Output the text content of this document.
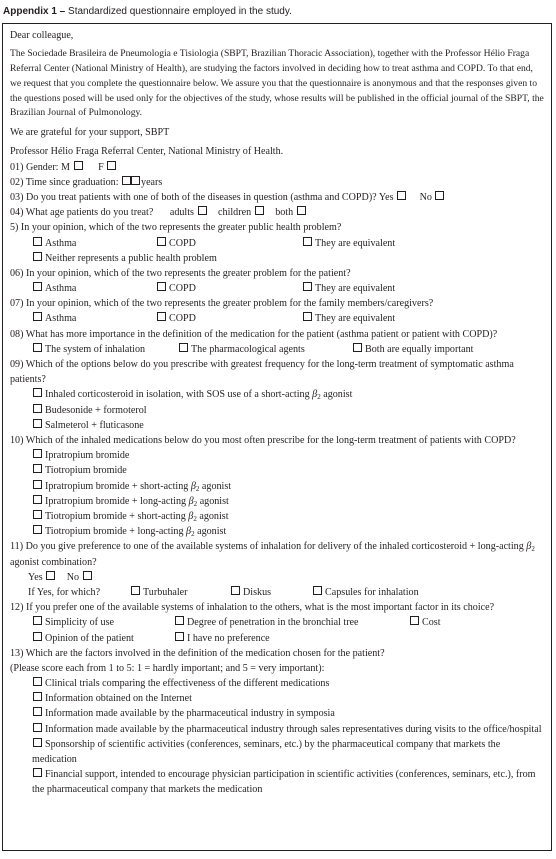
Appendix 1 – Standardized questionnaire employed in the study.

Dear colleague,

The Sociedade Brasileira de Pneumologia e Tisiologia (SBPT, Brazilian Thoracic Association), together with the Professor Hélio Fraga Referral Center (National Ministry of Health), are studying the factors involved in deciding how to treat asthma and COPD. To that end, we request that you complete the questionnaire below. We assure you that the questionnaire is anonymous and that the responses given to the questions posed will be used only for the objectives of the study, whose results will be published in the official journal of the SBPT, the Brazilian Journal of Pulmonology.

We are grateful for your support, SBPT

Professor Hélio Fraga Referral Center, National Ministry of Health.

01) Gender: M	F
02) Time since graduation: years
03) Do you treat patients with one of both of the diseases in question (asthma and COPD)? Yes	No
04) What age patients do you treat? adults children both
5) In your opinion, which of the two represents the greater public health problem?
Asthma	COPD	They are equivalent
Neither represents a public health problem
06) In your opinion, which of the two represents the greater problem for the patient?
Asthma	COPD	They are equivalent
07) In your opinion, which of the two represents the greater problem for the family members/caregivers?
Asthma	COPD	They are equivalent

08) What has more importance in the definition of the medication for the patient (asthma patient or patient with COPD)?

The system of inhalation	The pharmacological agents	Both are equally important

09) Which of the options below do you prescribe with greatest frequency for the long-term treatment of symptomatic asthma patients?

Inhaled corticosteroid in isolation, with SOS use of a short-acting $\beta_2$ agonist
Budesonide + formoterol
Salmeterol + fluticasone

10) Which of the inhaled medications below do you most often prescribe for the long-term treatment of patients with COPD?

Ipratropium bromide
Tiotropium bromide
Ipratropium bromide + short-acting $\beta_2$ agonist
Ipratropium bromide + long-acting $\beta_2$ agonist
Tiotropium bromide + short-acting $\beta_2$ agonist
Tiotropium bromide + long-acting $\beta_2$ agonist

11) Do you give preference to one of the available systems of inhalation for delivery of the inhaled corticosteroid + long-acting $\beta_2$ agonist combination?

Yes No
If Yes, for which?	Turbuhaler	Diskus	Capsules for inhalation

12) If you prefer one of the available systems of inhalation to the others, what is the most important factor in its choice?

Simplicity of use	Degree of penetration in the bronchial tree	Cost
Opinion of the patient	I have no preference
13) Which are the factors involved in the definition of the medication chosen for the patient?
(Please score each from 1 to 5: 1 = hardly important; and 5 = very important):
Clinical trials comparing the effectiveness of the different medications
Information obtained on the Internet
Information made available by the pharmaceutical industry in symposia

Information made available by the pharmaceutical industry through sales representatives during visits to the office/hospital

Sponsorship of scientific activities (conferences, seminars, etc.) by the pharmaceutical company that markets the medication

Financial support, intended to encourage physician participation in scientific activities (conferences, seminars, etc.), from the pharmaceutical company that markets the medication
